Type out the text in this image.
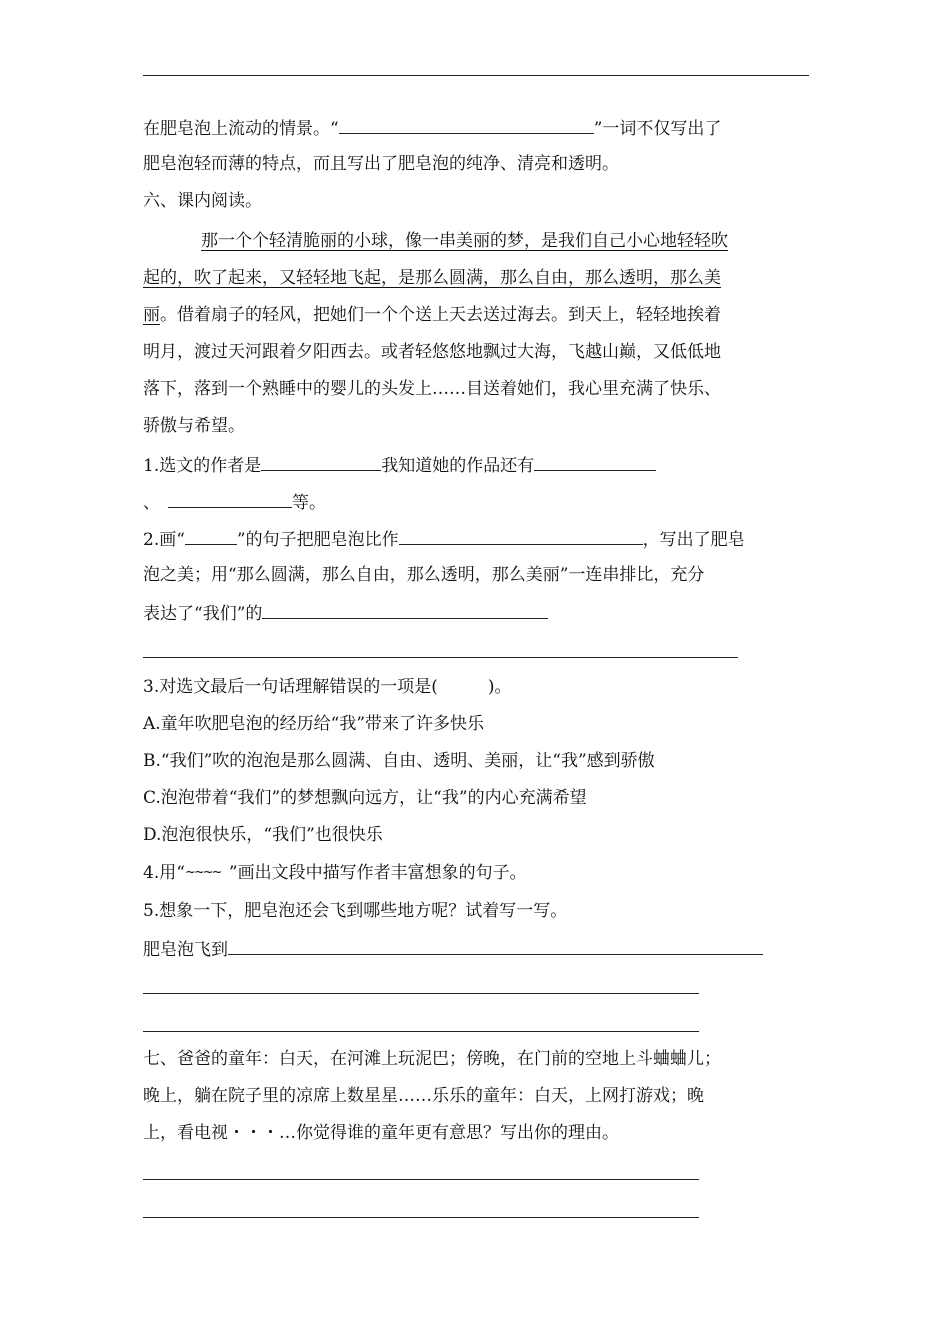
在肥皂泡上流动的情景。“	”一词不仅写出了
肥皂泡轻而薄的特点，而且写出了肥皂泡的纯净、清亮和透明。
六、课内阅读。
那一个个轻清脆丽的小球，像一串美丽的梦，是我们自己小心地轻轻吹
起的，吹了起来，又轻轻地飞起，是那么圆满，那么自由，那么透明，那么美
丽。借着扇子的轻风，把她们一个个送上天去送过海去。到天上，轻轻地挨着
明月，渡过天河跟着夕阳西去。或者轻悠悠地飘过大海，飞越山巅，又低低地
落下，落到一个熟睡中的婴儿的头发上……目送着她们，我心里充满了快乐、
骄傲与希望。
1.选文的作者是	我知道她的作品还有
、	等。
2.画“	”的句子把肥皂泡比作	，写出了肥皂
泡之美；用“那么圆满，那么自由，那么透明，那么美丽”一连串排比，充分
表达了“我们”的
3.对选文最后一句话理解错误的一项是(	)。
A.童年吹肥皂泡的经历给“我”带来了许多快乐
B.“我们”吹的泡泡是那么圆满、自由、透明、美丽，让“我”感到骄傲
C.泡泡带着“我们”的梦想飘向远方，让“我”的内心充满希望
D.泡泡很快乐，“我们”也很快乐
4.用“~~~~ ”画出文段中描写作者丰富想象的句子。
5.想象一下，肥皂泡还会飞到哪些地方呢？试着写一写。
肥皂泡飞到
七、爸爸的童年：白天，在河滩上玩泥巴；傍晚，在门前的空地上斗蛐蛐儿；
晚上，躺在院子里的凉席上数星星……乐乐的童年：白天，上网打游戏；晚
上，看电视・・・…你觉得谁的童年更有意思？写出你的理由。
